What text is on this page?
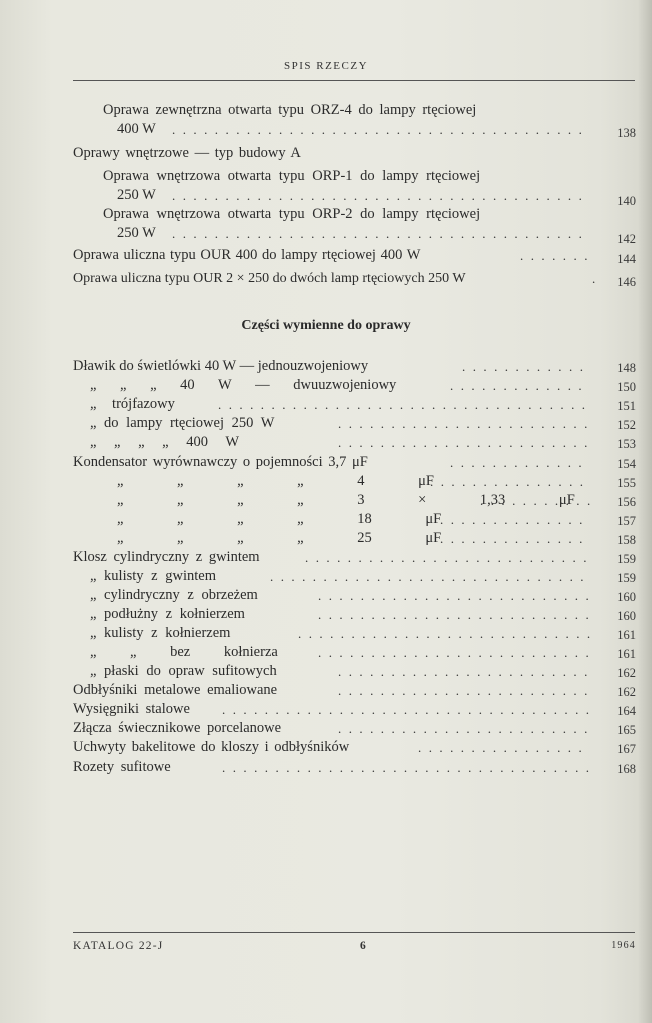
SPIS RZECZY
Oprawa zewnętrzna otwarta typu ORZ-4 do lampy rtęciowej
400 W . . .	138
Oprawy wnętrzowe — typ budowy A
Oprawa wnętrzowa otwarta typu ORP-1 do lampy rtęciowej
250 W . . .	140
Oprawa wnętrzowa otwarta typu ORP-2 do lampy rtęciowej
250 W . . .	142
Oprawa uliczna typu OUR 400 do lampy rtęciowej 400 W . . .	144
Oprawa uliczna typu OUR 2 × 250 do dwóch lamp rtęciowych 250 W . . .	146
Części wymienne do oprawy
Dławik do świetlówki 40 W — jednouzwojeniowy . . .	148
„ „ „ 40 W — dwuuzwojeniowy . . .	150
„ trójfazowy . . .	151
„ do lampy rtęciowej 250 W . . .	152
„ „ „ „ 400 W . . .	153
Kondensator wyrównawczy o pojemności 3,7 μF . . .	154
„ „ „ „ 4 μF . . .	155
„ „ „ „ 3 × 1,33 μF . . .	156
„ „ „ „ 18 μF . . .	157
„ „ „ „ 25 μF . . .	158
Klosz cylindryczny z gwintem . . .	159
„ kulisty z gwintem . . .	159
„ cylindryczny z obrzeżem . . .	160
„ podłużny z kołnierzem . . .	160
„ kulisty z kołnierzem . . .	161
„ „ bez kołnierza . . .	161
„ płaski do opraw sufitowych . . .	162
Odbłyśniki metalowe emaliowane . . .	162
Wysięgniki stalowe . . .	164
Złącza świecznikowe porcelanowe . . .	165
Uchwyty bakelitowe do kloszy i odbłyśników . . .	167
Rozety sufitowe . . .	168
KATALOG 22-J	6	1964
